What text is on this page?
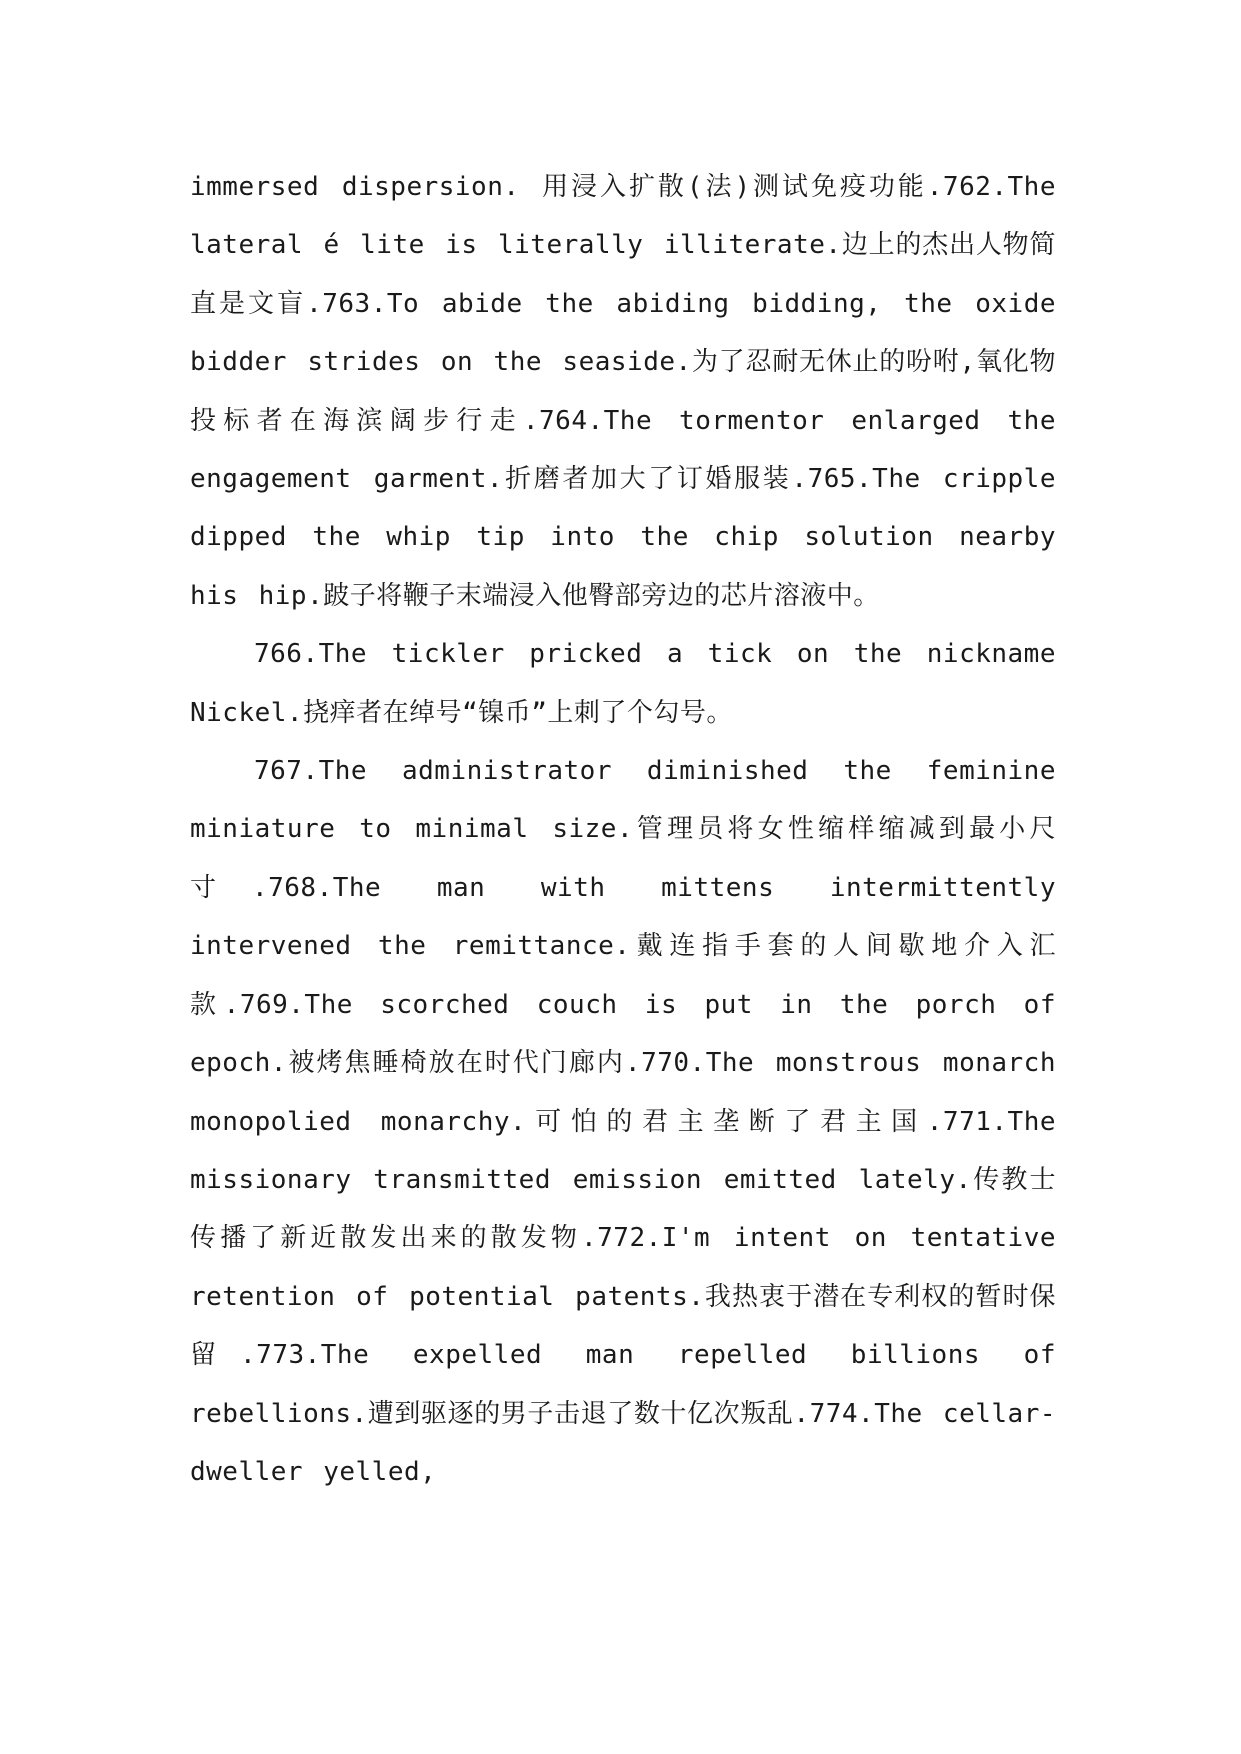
immersed dispersion. 用浸入扩散(法)测试免疫功能.762.The lateral é lite is literally illiterate.边上的杰出人物简直是文盲.763.To abide the abiding bidding, the oxide bidder strides on the seaside.为了忍耐无休止的吩咐,氧化物投标者在海滨阔步行走.764.The tormentor enlarged the engagement garment.折磨者加大了订婚服装.765.The cripple dipped the whip tip into the chip solution nearby his hip.跛子将鞭子末端浸入他臀部旁边的芯片溶液中。

766.The tickler pricked a tick on the nickname Nickel.挠痒者在绰号“镍币”上刺了个勾号。

767.The administrator diminished the feminine miniature to minimal size.管理员将女性缩样缩减到最小尺寸.768.The man with mittens intermittently intervened the remittance.戴连指手套的人间歇地介入汇款.769.The scorched couch is put in the porch of epoch.被烤焦睡椅放在时代门廊内.770.The monstrous monarch monopolied monarchy.可怕的君主垄断了君主国.771.The missionary transmitted emission emitted lately.传教士传播了新近散发出来的散发物.772.I'm intent on tentative retention of potential patents.我热衷于潜在专利权的暂时保留.773.The expelled man repelled billions of rebellions.遭到驱逐的男子击退了数十亿次叛乱.774.The cellar-dweller yelled,
